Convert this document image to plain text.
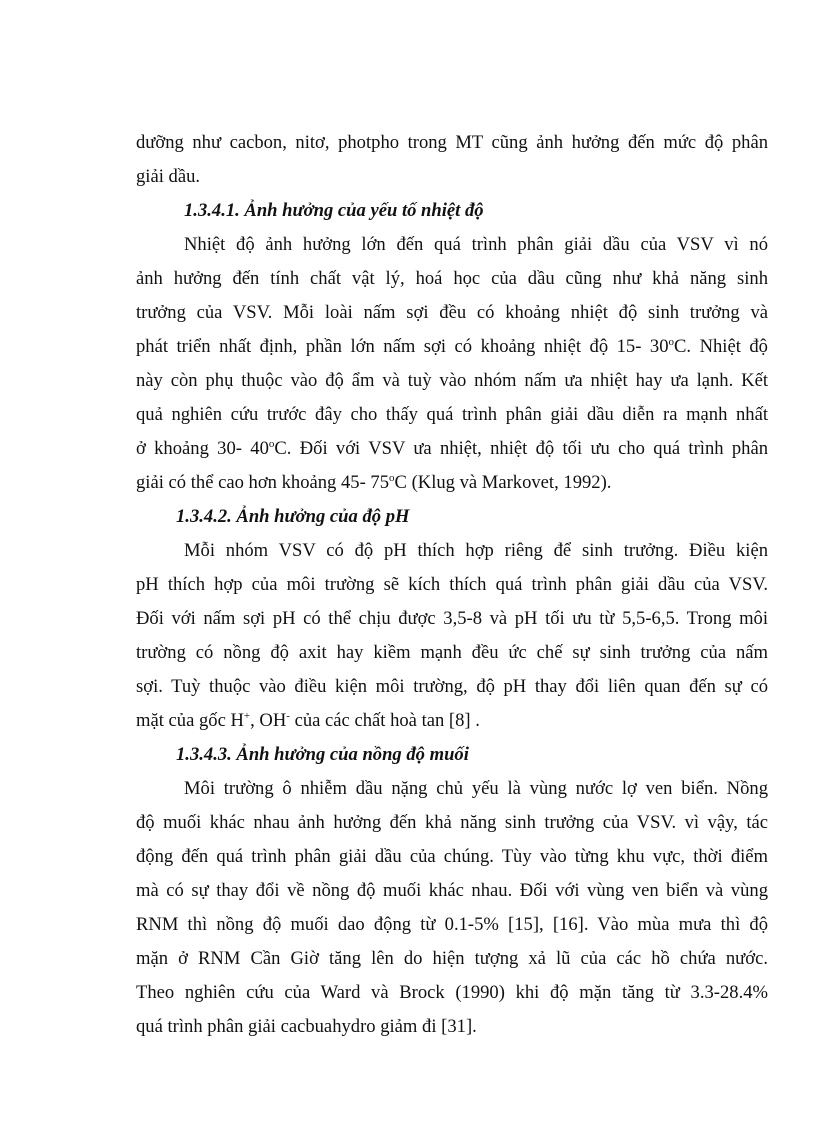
dưỡng như cacbon, nitơ, photpho trong MT cũng ảnh hưởng đến mức độ phân
giải dầu.
1.3.4.1. Ảnh hưởng của yếu tố nhiệt độ
Nhiệt độ ảnh hưởng lớn đến quá trình phân giải dầu của VSV vì nó
ảnh hưởng đến tính chất vật lý, hoá học của dầu cũng như khả năng sinh
trưởng của VSV. Mỗi loài nấm sợi đều có khoảng nhiệt độ sinh trưởng và
phát triển nhất định, phần lớn nấm sợi có khoảng nhiệt độ 15- 30$^o$C. Nhiệt độ
này còn phụ thuộc vào độ ẩm và tuỳ vào nhóm nấm ưa nhiệt hay ưa lạnh. Kết
quả nghiên cứu trước đây cho thấy quá trình phân giải dầu diễn ra mạnh nhất
ở khoảng 30- 40$^o$C. Đối với VSV ưa nhiệt, nhiệt độ tối ưu cho quá trình phân
giải có thể cao hơn khoảng 45- 75$^o$C (Klug và Markovet, 1992).
1.3.4.2. Ảnh hưởng của độ pH
Mỗi nhóm VSV có độ pH thích hợp riêng để sinh trưởng. Điều kiện
pH thích hợp của môi trường sẽ kích thích quá trình phân giải dầu của VSV.
Đối với nấm sợi pH có thể chịu được 3,5-8 và pH tối ưu từ 5,5-6,5. Trong môi
trường có nồng độ axit hay kiềm mạnh đều ức chế sự sinh trưởng của nấm
sợi. Tuỳ thuộc vào điều kiện môi trường, độ pH thay đổi liên quan đến sự có
mặt của gốc H+, OH- của các chất hoà tan [8] .
1.3.4.3. Ảnh hưởng của nồng độ muối
Môi trường ô nhiễm dầu nặng chủ yếu là vùng nước lợ ven biển. Nồng
độ muối khác nhau ảnh hưởng đến khả năng sinh trưởng của VSV. vì vậy, tác
động đến quá trình phân giải dầu của chúng. Tùy vào từng khu vực, thời điểm
mà có sự thay đổi về nồng độ muối khác nhau. Đối với vùng ven biển và vùng
RNM thì nồng độ muối dao động từ 0.1-5% [15], [16]. Vào mùa mưa thì độ
mặn ở RNM Cần Giờ tăng lên do hiện tượng xả lũ của các hồ chứa nước.
Theo nghiên cứu của Ward và Brock (1990) khi độ mặn tăng từ 3.3-28.4%
quá trình phân giải cacbuahydro giảm đi [31].
